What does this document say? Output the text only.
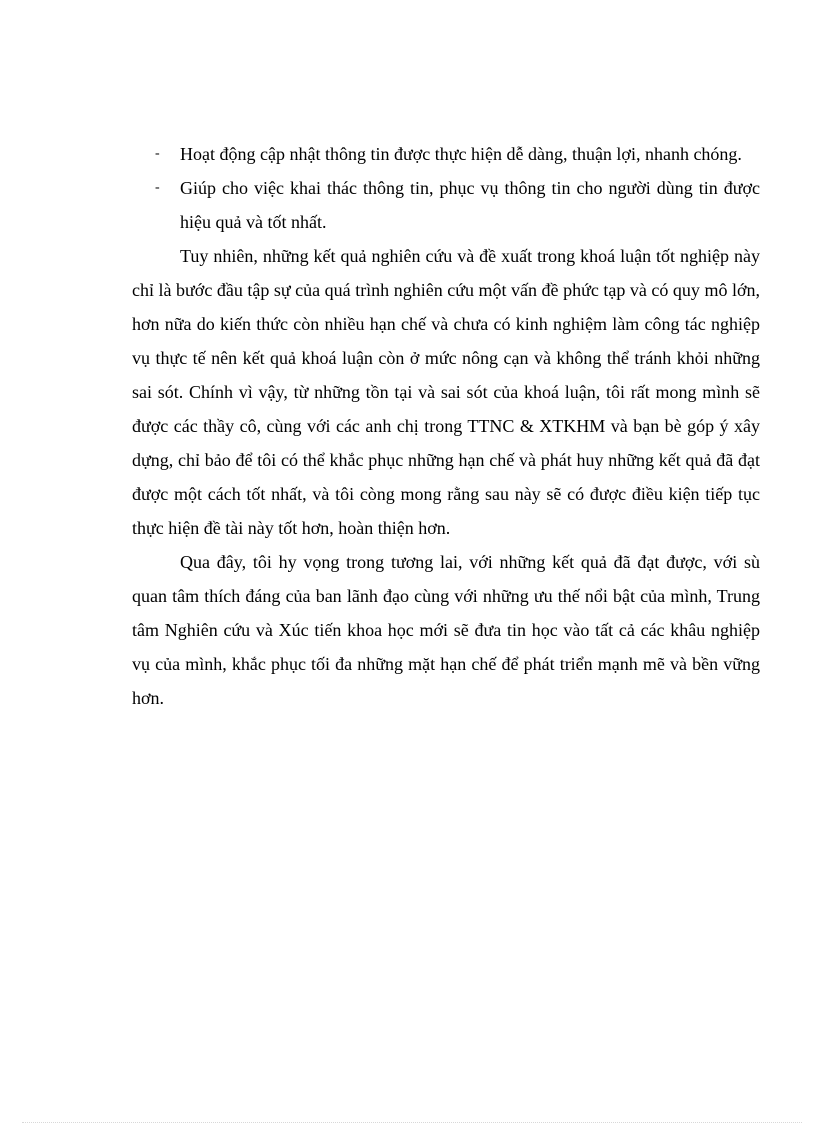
- Hoạt động cập nhật thông tin được thực hiện dễ dàng, thuận lợi, nhanh chóng.
- Giúp cho việc khai thác thông tin, phục vụ thông tin cho người dùng tin được hiệu quả và tốt nhất.

Tuy nhiên, những kết quả nghiên cứu và đề xuất trong khoá luận tốt nghiệp này chỉ là bước đầu tập sự của quá trình nghiên cứu một vấn đề phức tạp và có quy mô lớn, hơn nữa do kiến thức còn nhiều hạn chế và chưa có kinh nghiệm làm công tác nghiệp vụ thực tế nên kết quả khoá luận còn ở mức nông cạn và không thể tránh khỏi những sai sót. Chính vì vậy, từ những tồn tại và sai sót của khoá luận, tôi rất mong mình sẽ được các thầy cô, cùng với các anh chị trong TTNC & XTKHM và bạn bè góp ý xây dựng, chỉ bảo để tôi có thể khắc phục những hạn chế và phát huy những kết quả đã đạt được một cách tốt nhất, và tôi còng mong rằng sau này sẽ có được điều kiện tiếp tục thực hiện đề tài này tốt hơn, hoàn thiện hơn.

Qua đây, tôi hy vọng trong tương lai, với những kết quả đã đạt được, với sù quan tâm thích đáng của ban lãnh đạo cùng với những ưu thế nổi bật của mình, Trung tâm Nghiên cứu và Xúc tiến khoa học mới sẽ đưa tin học vào tất cả các khâu nghiệp vụ của mình, khắc phục tối đa những mặt hạn chế để phát triển mạnh mẽ và bền vững hơn.
